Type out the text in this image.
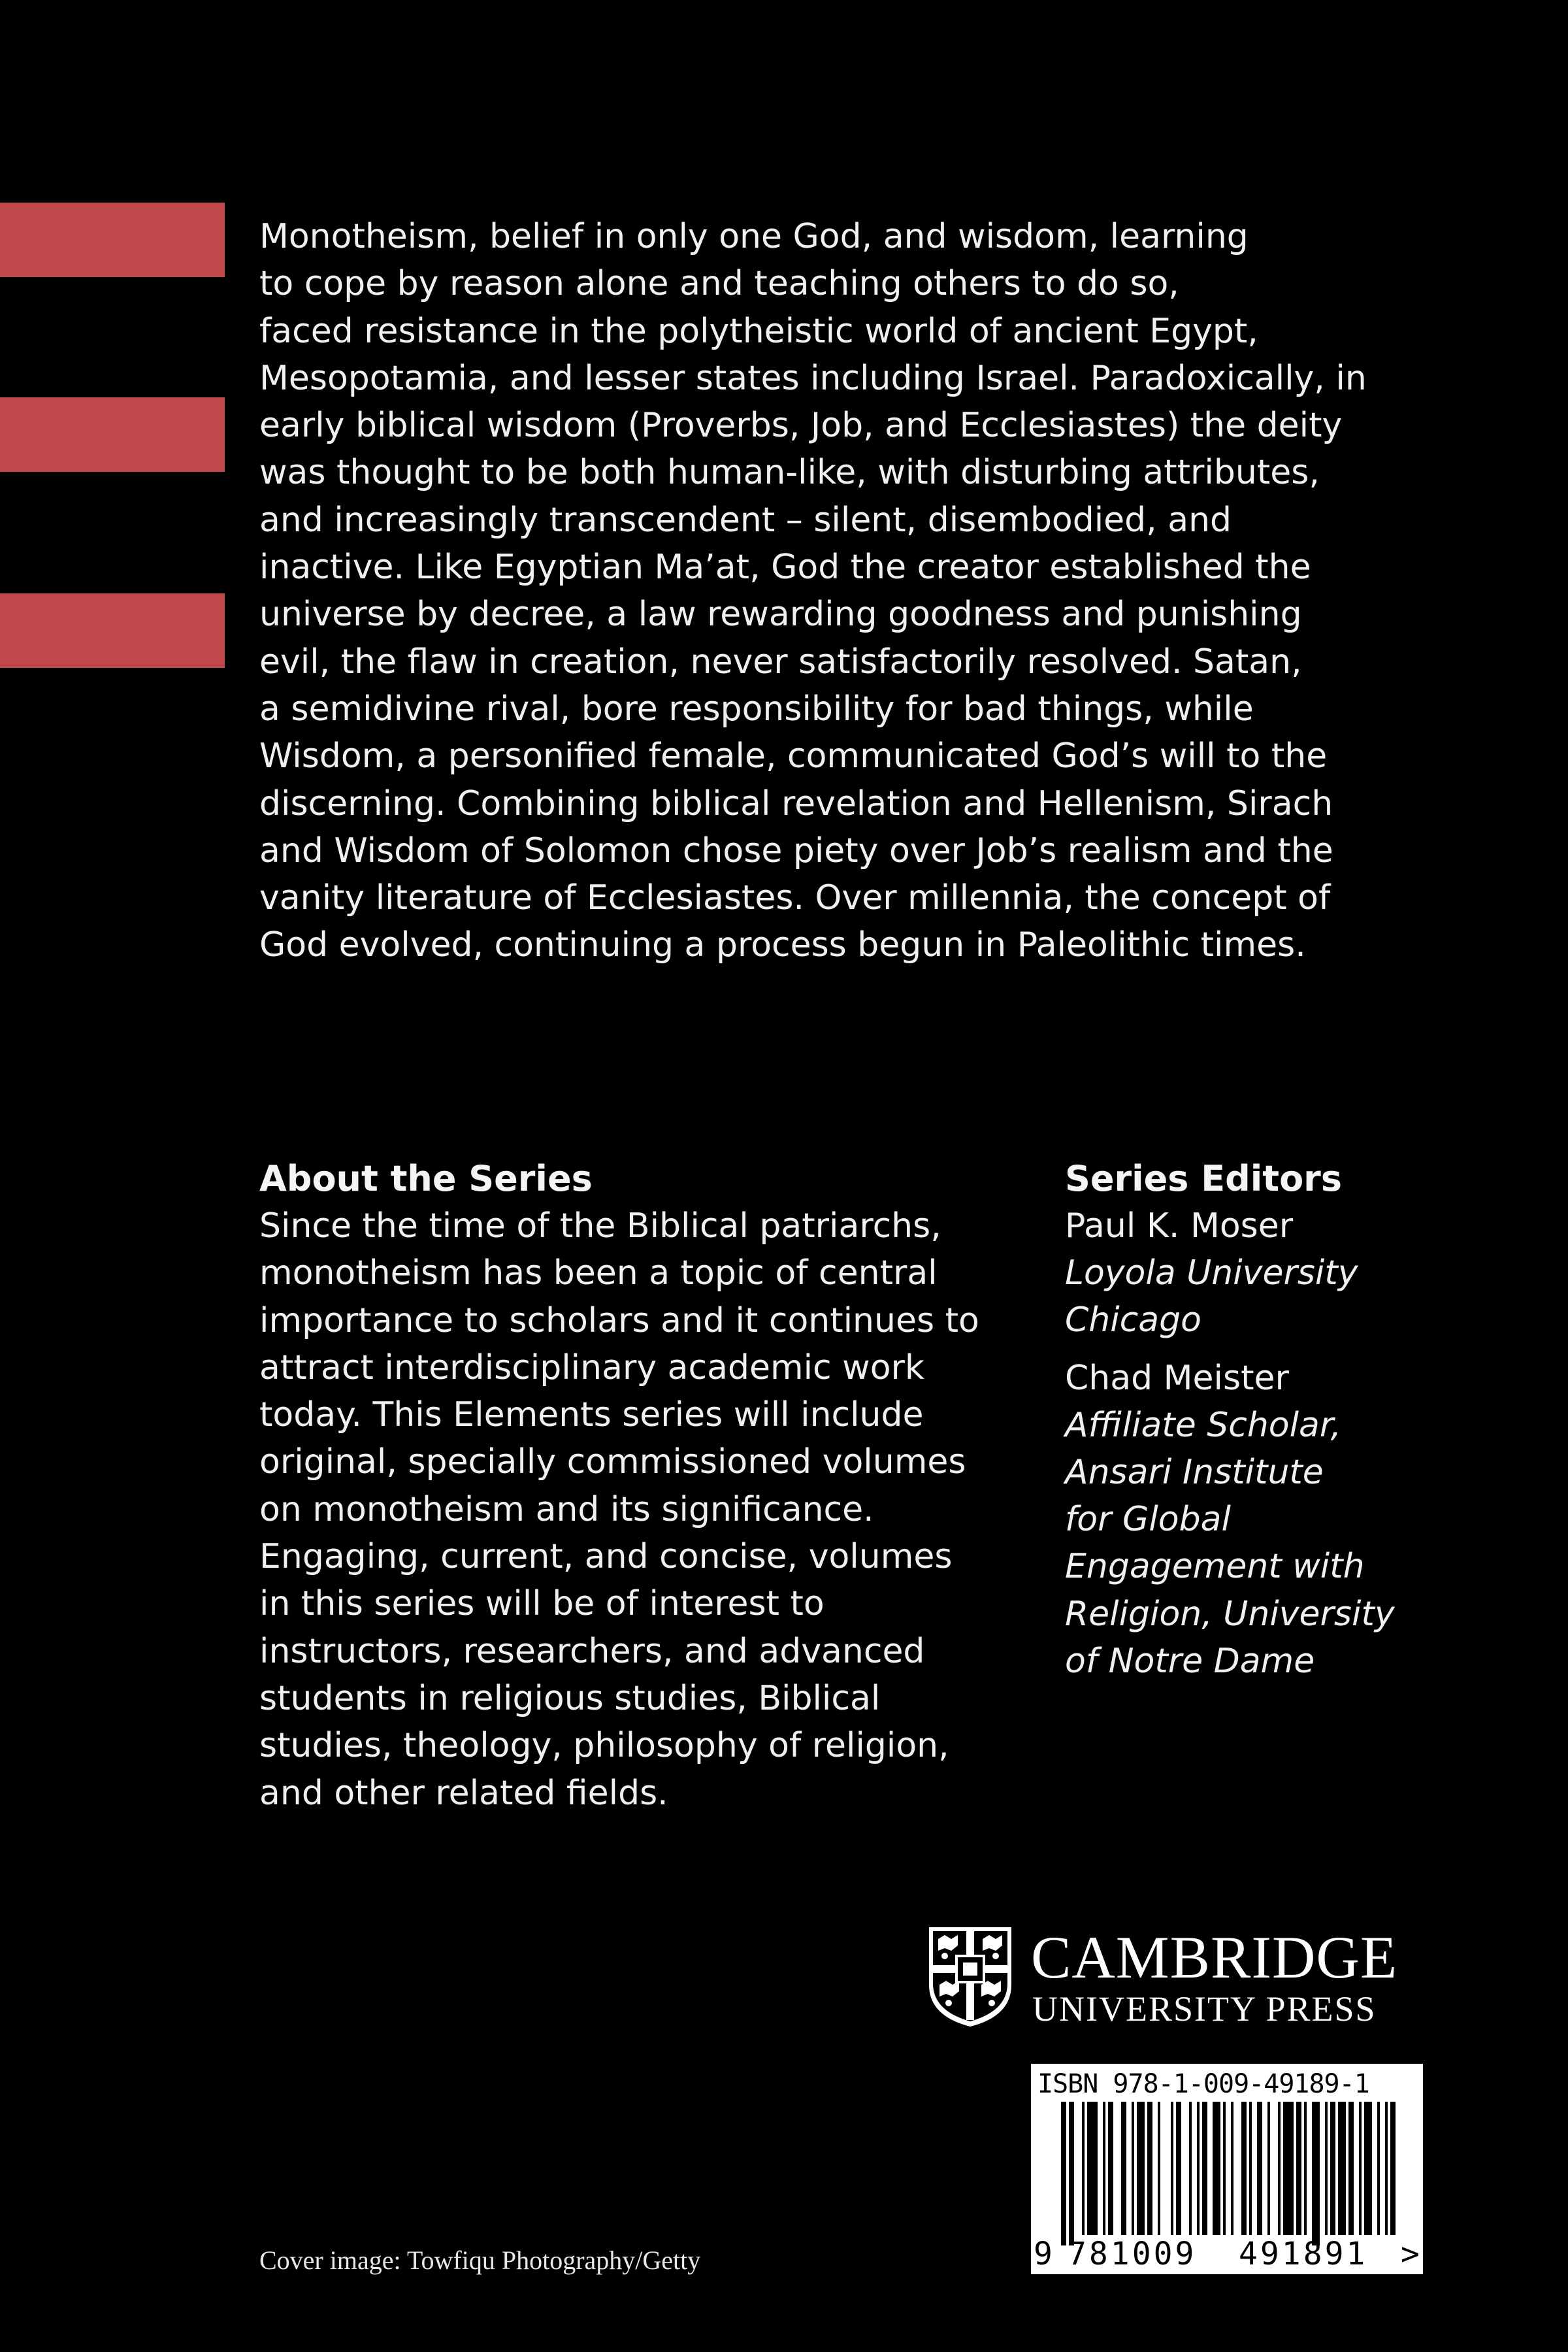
Monotheism, belief in only one God, and wisdom, learning
to cope by reason alone and teaching others to do so,
faced resistance in the polytheistic world of ancient Egypt,
Mesopotamia, and lesser states including Israel. Paradoxically, in
early biblical wisdom (Proverbs, Job, and Ecclesiastes) the deity
was thought to be both human-like, with disturbing attributes,
and increasingly transcendent – silent, disembodied, and
inactive. Like Egyptian Ma’at, God the creator established the
universe by decree, a law rewarding goodness and punishing
evil, the flaw in creation, never satisfactorily resolved. Satan,
a semidivine rival, bore responsibility for bad things, while
Wisdom, a personified female, communicated God’s will to the
discerning. Combining biblical revelation and Hellenism, Sirach
and Wisdom of Solomon chose piety over Job’s realism and the
vanity literature of Ecclesiastes. Over millennia, the concept of
God evolved, continuing a process begun in Paleolithic times.
About the Series
Since the time of the Biblical patriarchs,
monotheism has been a topic of central
importance to scholars and it continues to
attract interdisciplinary academic work
today. This Elements series will include
original, specially commissioned volumes
on monotheism and its significance.
Engaging, current, and concise, volumes
in this series will be of interest to
instructors, researchers, and advanced
students in religious studies, Biblical
studies, theology, philosophy of religion,
and other related fields.
Series Editors
Paul K. Moser
Loyola University
Chicago
Chad Meister
Affiliate Scholar,
Ansari Institute
for Global
Engagement with
Religion, University
of Notre Dame
CAMBRIDGE
UNIVERSITY PRESS
ISBN 978-1-009-49189-1
9 781009 491891 >
Cover image: Towfiqu Photography/Getty
